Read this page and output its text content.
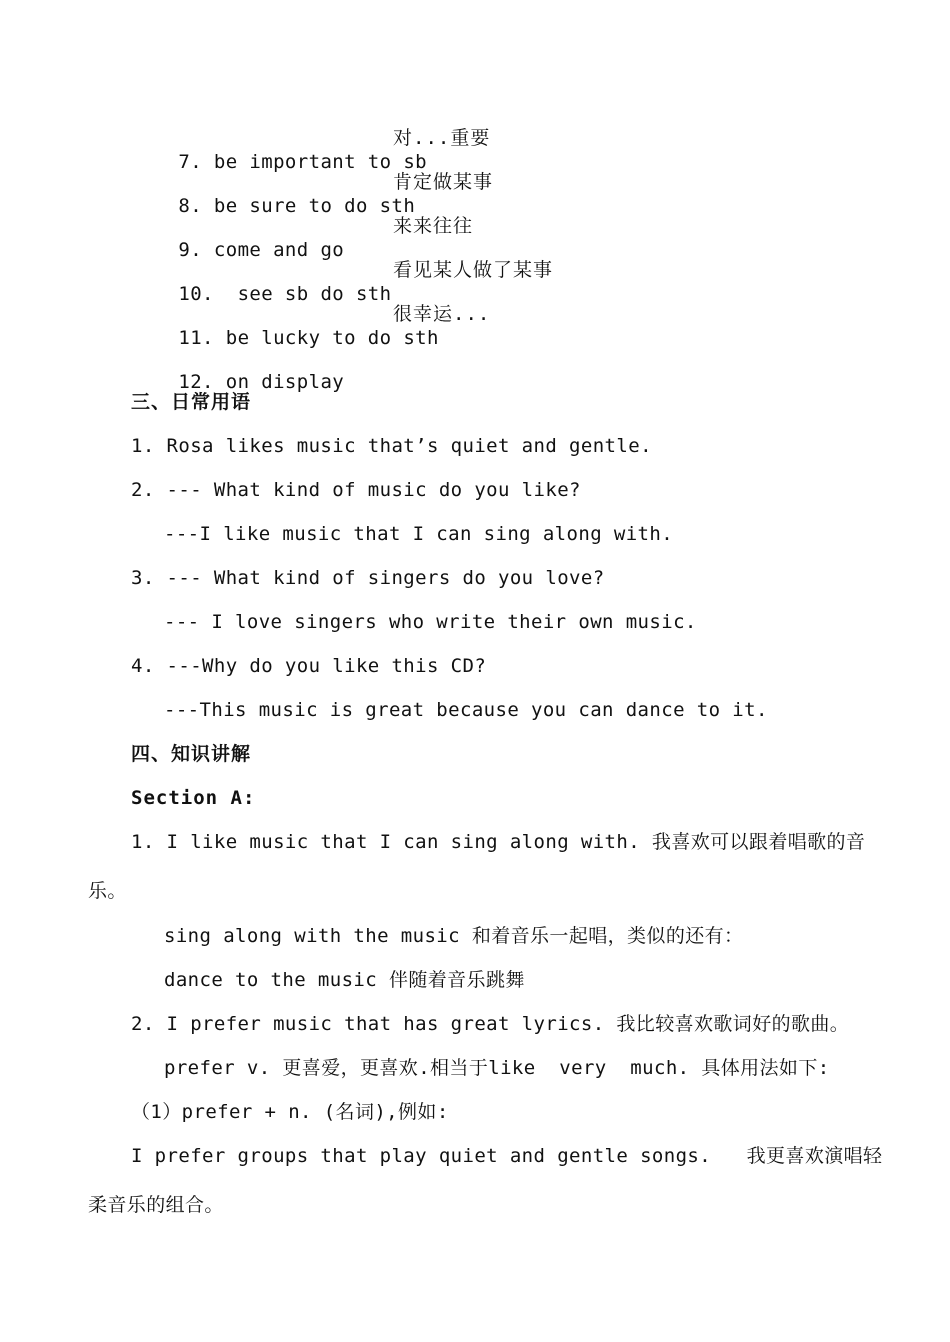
7. be important to sb

对...重要

8. be sure to do sth

肯定做某事

9. come and go

来来往往

10. see sb do sth

看见某人做了某事

11. be lucky to do sth

很幸运...

12. on display

三、日常用语
1. Rosa likes music that’s quiet and gentle.
2. --- What kind of music do you like?
---I like music that I can sing along with.
3. --- What kind of singers do you love?
--- I love singers who write their own music.
4. ---Why do you like this CD?
---This music is great because you can dance to it.
四、知识讲解
Section A:
1. I like music that I can sing along with. 我喜欢可以跟着唱歌的音
乐。
sing along with the music 和着音乐一起唱，类似的还有：
dance to the music 伴随着音乐跳舞
2. I prefer music that has great lyrics. 我比较喜欢歌词好的歌曲。
prefer v. 更喜爱，更喜欢.相当于like  very  much. 具体用法如下:
（1）prefer + n. (名词),例如:
I prefer groups that play quiet and gentle songs.   我更喜欢演唱轻
柔音乐的组合。
